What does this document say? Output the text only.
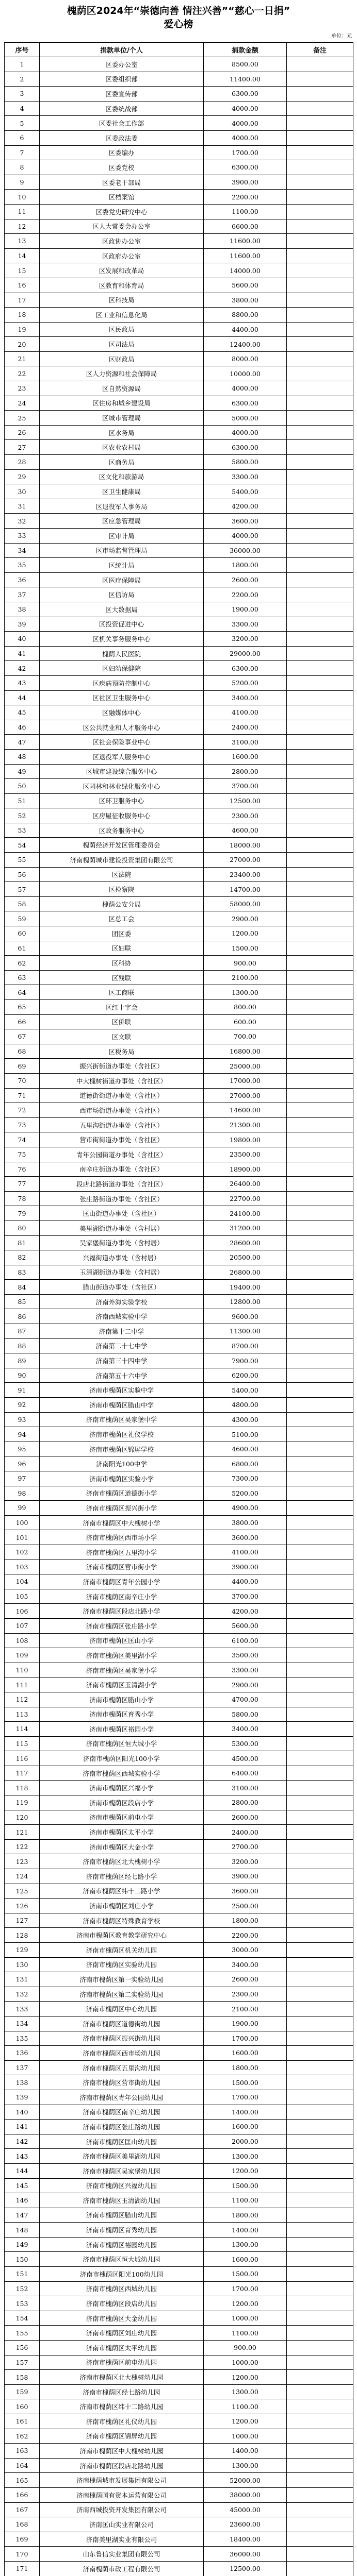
槐荫区2024年“崇德向善 情注兴善”“慈心一日捐”
爱心榜
单位：元
序号	捐款单位/个人	捐款金额	备注
1	区委办公室	8500.00
2	区委组织部	11400.00
3	区委宣传部	6300.00
4	区委统战部	4000.00
5	区委社会工作部	4000.00
6	区委政法委	4000.00
7	区委编办	1700.00
8	区委党校	6300.00
9	区委老干部局	3900.00
10	区档案馆	2200.00
11	区委党史研究中心	1100.00
12	区人大常委会办公室	6600.00
13	区政协办公室	11600.00
14	区政府办公室	11600.00
15	区发展和改革局	14000.00
16	区教育和体育局	5600.00
17	区科技局	3800.00
18	区工业和信息化局	8800.00
19	区民政局	4400.00
20	区司法局	12400.00
21	区财政局	8000.00
22	区人力资源和社会保障局	10000.00
23	区自然资源局	4000.00
24	区住房和城乡建设局	6300.00
25	区城市管理局	5000.00
26	区水务局	4000.00
27	区农业农村局	6300.00
28	区商务局	5800.00
29	区文化和旅游局	3300.00
30	区卫生健康局	5400.00
31	区退役军人事务局	4200.00
32	区应急管理局	3600.00
33	区审计局	4000.00
34	区市场监督管理局	36000.00
35	区统计局	1800.00
36	区医疗保障局	2600.00
37	区信访局	2200.00
38	区大数据局	1900.00
39	区投资促进中心	3300.00
40	区机关事务服务中心	3200.00
41	槐荫人民医院	29000.00
42	区妇幼保健院	6300.00
43	区疾病预防控制中心	5200.00
44	区社区卫生服务中心	3400.00
45	区融媒体中心	4100.00
46	区公共就业和人才服务中心	2400.00
47	区社会保险事业中心	3100.00
48	区退役军人服务中心	1600.00
49	区城市建设综合服务中心	2800.00
50	区园林和林业绿化服务中心	3700.00
51	区环卫服务中心	12500.00
52	区房屋征收服务中心	2300.00
53	区政务服务中心	4600.00
54	槐荫经济开发区管理委员会	18000.00
55	济南槐荫城市建设投资集团有限公司	27000.00
56	区法院	23400.00
57	区检察院	14700.00
58	槐荫公安分局	58000.00
59	区总工会	2900.00
60	团区委	1200.00
61	区妇联	1500.00
62	区科协	900.00
63	区残联	2100.00
64	区工商联	1300.00
65	区红十字会	800.00
66	区侨联	600.00
67	区文联	700.00
68	区税务局	16800.00
69	振兴街街道办事处（含社区）	25000.00
70	中大槐树街道办事处（含社区）	17000.00
71	道德街街道办事处（含社区）	27000.00
72	西市场街道办事处（含社区）	14600.00
73	五里沟街道办事处（含社区）	21300.00
74	营市街街道办事处（含社区）	19800.00
75	青年公园街道办事处（含社区）	23500.00
76	南辛庄街道办事处（含社区）	18900.00
77	段店北路街道办事处（含社区）	26400.00
78	张庄路街道办事处（含社区）	22700.00
79	匡山街道办事处（含社区）	24100.00
80	美里湖街道办事处（含村居）	31200.00
81	吴家堡街道办事处（含村居）	28600.00
82	兴福街道办事处（含村居）	20500.00
83	玉清湖街道办事处（含村居）	26800.00
84	腊山街道办事处（含社区）	19400.00
85	济南外海实验学校	12800.00
86	济南西城实验中学	9600.00
87	济南第十二中学	11300.00
88	济南第二十七中学	8700.00
89	济南第三十四中学	7900.00
90	济南第五十六中学	6200.00
91	济南市槐荫区实验中学	5400.00
92	济南市槐荫区腊山中学	4800.00
93	济南市槐荫区吴家堡中学	4300.00
94	济南市槐荫区礼仪学校	5100.00
95	济南市槐荫区锦屏学校	4600.00
96	济南阳光100中学	6800.00
97	济南市槐荫区实验小学	7300.00
98	济南市槐荫区道德街小学	5200.00
99	济南市槐荫区振兴街小学	4900.00
100	济南市槐荫区中大槐树小学	3800.00
101	济南市槐荫区西市场小学	3600.00
102	济南市槐荫区五里沟小学	4100.00
103	济南市槐荫区营市街小学	3900.00
104	济南市槐荫区青年公园小学	4400.00
105	济南市槐荫区南辛庄小学	3700.00
106	济南市槐荫区段店北路小学	4200.00
107	济南市槐荫区张庄路小学	5600.00
108	济南市槐荫区匡山小学	6100.00
109	济南市槐荫区美里湖小学	3500.00
110	济南市槐荫区吴家堡小学	3300.00
111	济南市槐荫区玉清湖小学	2900.00
112	济南市槐荫区腊山小学	4700.00
113	济南市槐荫区育秀小学	5800.00
114	济南市槐荫区裕园小学	3400.00
115	济南市槐荫区恒大城小学	5300.00
116	济南市槐荫区阳光100小学	4500.00
117	济南市槐荫区西城实验小学	6400.00
118	济南市槐荫区兴福小学	3100.00
119	济南市槐荫区段店小学	2800.00
120	济南市槐荫区前屯小学	2600.00
121	济南市槐荫区太平小学	2400.00
122	济南市槐荫区大金小学	2700.00
123	济南市槐荫区北大槐树小学	3200.00
124	济南市槐荫区经七路小学	3900.00
125	济南市槐荫区纬十二路小学	3600.00
126	济南市槐荫区刘庄小学	2500.00
127	济南市槐荫区特殊教育学校	1800.00
128	济南市槐荫区教育教学研究中心	2200.00
129	济南市槐荫区机关幼儿园	3000.00
130	济南市槐荫区实验幼儿园	3400.00
131	济南市槐荫区第一实验幼儿园	2600.00
132	济南市槐荫区第二实验幼儿园	2300.00
133	济南市槐荫区中心幼儿园	2100.00
134	济南市槐荫区道德街幼儿园	1900.00
135	济南市槐荫区振兴街幼儿园	1700.00
136	济南市槐荫区西市场幼儿园	1600.00
137	济南市槐荫区五里沟幼儿园	1800.00
138	济南市槐荫区营市街幼儿园	1500.00
139	济南市槐荫区青年公园幼儿园	1700.00
140	济南市槐荫区南辛庄幼儿园	1400.00
141	济南市槐荫区张庄路幼儿园	1600.00
142	济南市槐荫区匡山幼儿园	2000.00
143	济南市槐荫区美里湖幼儿园	1300.00
144	济南市槐荫区吴家堡幼儿园	1200.00
145	济南市槐荫区兴福幼儿园	1500.00
146	济南市槐荫区玉清湖幼儿园	1100.00
147	济南市槐荫区腊山幼儿园	1800.00
148	济南市槐荫区育秀幼儿园	1400.00
149	济南市槐荫区裕园幼儿园	1300.00
150	济南市槐荫区恒大城幼儿园	1600.00
151	济南市槐荫区阳光100幼儿园	1500.00
152	济南市槐荫区西城幼儿园	1700.00
153	济南市槐荫区段店幼儿园	1200.00
154	济南市槐荫区大金幼儿园	1000.00
155	济南市槐荫区刘庄幼儿园	1100.00
156	济南市槐荫区太平幼儿园	900.00
157	济南市槐荫区前屯幼儿园	1000.00
158	济南市槐荫区北大槐树幼儿园	1200.00
159	济南市槐荫区经七路幼儿园	1300.00
160	济南市槐荫区纬十二路幼儿园	1100.00
161	济南市槐荫区礼仪幼儿园	1200.00
162	济南市槐荫区锦屏幼儿园	1000.00
163	济南市槐荫区中大槐树幼儿园	1400.00
164	济南市槐荫区段店北路幼儿园	1300.00
165	济南槐荫城市发展集团有限公司	52000.00
166	济南槐荫国有资本运营有限公司	38000.00
167	济南西城投资开发集团有限公司	45000.00
168	济南匡山实业有限公司	23600.00
169	济南美里湖实业有限公司	18400.00
170	山东鲁信实业集团有限公司	36000.00
171	济南槐荫市政工程有限公司	12500.00
